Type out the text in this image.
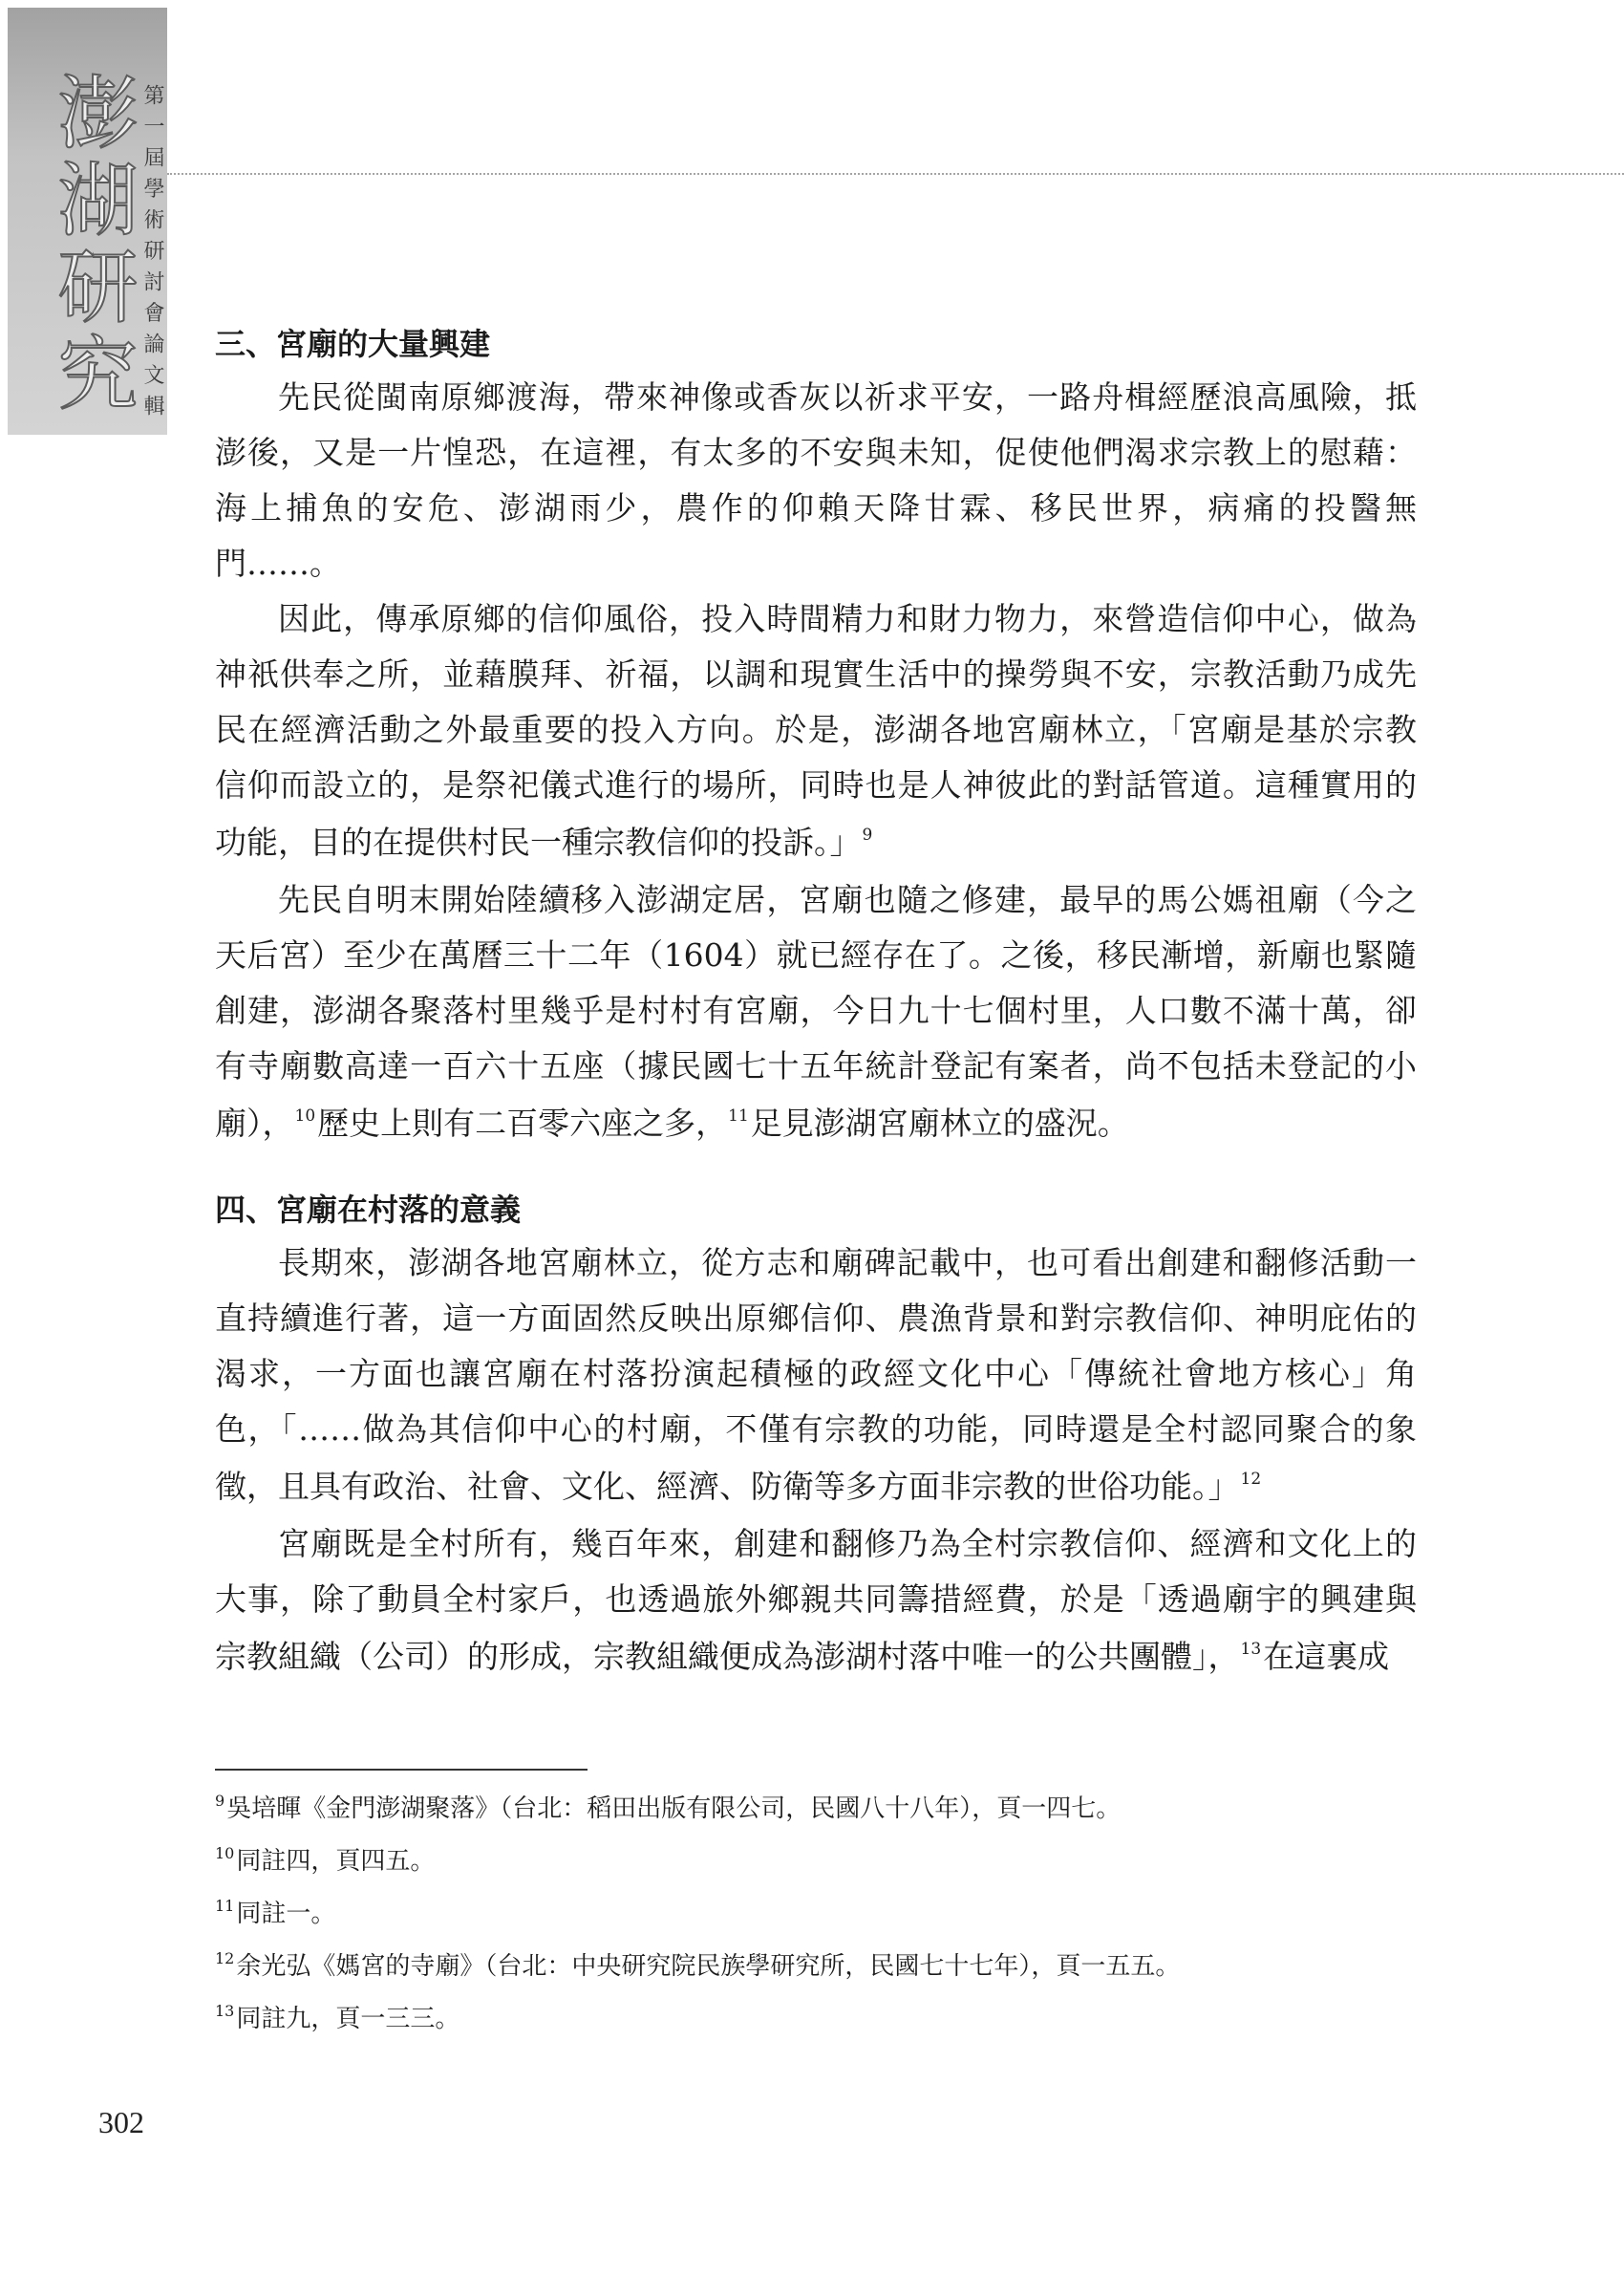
澎湖研究 第一屆學術研討會論文輯 三、宮廟的大量興建
先民從閩南原鄉渡海，帶來神像或香灰以祈求平安，一路舟楫經歷浪高風險，抵
澎後，又是一片惶恐，在這裡，有太多的不安與未知，促使他們渴求宗教上的慰藉：
海上捕魚的安危、澎湖雨少，農作的仰賴天降甘霖、移民世界，病痛的投醫無
門……。
因此，傳承原鄉的信仰風俗，投入時間精力和財力物力，來營造信仰中心，做為
神祇供奉之所，並藉膜拜、祈福，以調和現實生活中的操勞與不安，宗教活動乃成先
民在經濟活動之外最重要的投入方向。於是，澎湖各地宮廟林立，「宮廟是基於宗教
信仰而設立的，是祭祀儀式進行的場所，同時也是人神彼此的對話管道。這種實用的
功能，目的在提供村民一種宗教信仰的投訴。」$^9$
先民自明末開始陸續移入澎湖定居，宮廟也隨之修建，最早的馬公媽祖廟（今之
天后宮）至少在萬曆三十二年（1604）就已經存在了。之後，移民漸增，新廟也緊隨
創建，澎湖各聚落村里幾乎是村村有宮廟，今日九十七個村里，人口數不滿十萬，卻
有寺廟數高達一百六十五座（據民國七十五年統計登記有案者，尚不包括未登記的小
廟），$^{10}$歷史上則有二百零六座之多，$^{11}$足見澎湖宮廟林立的盛況。
四、宮廟在村落的意義
長期來，澎湖各地宮廟林立，從方志和廟碑記載中，也可看出創建和翻修活動一
直持續進行著，這一方面固然反映出原鄉信仰、農漁背景和對宗教信仰、神明庇佑的
渴求，一方面也讓宮廟在村落扮演起積極的政經文化中心「傳統社會地方核心」角
色，「……做為其信仰中心的村廟，不僅有宗教的功能，同時還是全村認同聚合的象
徵，且具有政治、社會、文化、經濟、防衛等多方面非宗教的世俗功能。」$^{12}$
宮廟既是全村所有，幾百年來，創建和翻修乃為全村宗教信仰、經濟和文化上的
大事，除了動員全村家戶，也透過旅外鄉親共同籌措經費，於是「透過廟宇的興建與
宗教組織（公司）的形成，宗教組織便成為澎湖村落中唯一的公共團體」，$^{13}$在這裏成
$^9$吳培暉《金門澎湖聚落》（台北：稻田出版有限公司，民國八十八年），頁一四七。
$^{10}$同註四，頁四五。
$^{11}$同註一。
$^{12}$余光弘《媽宮的寺廟》（台北：中央研究院民族學研究所，民國七十七年），頁一五五。
$^{13}$同註九，頁一三三。
302
